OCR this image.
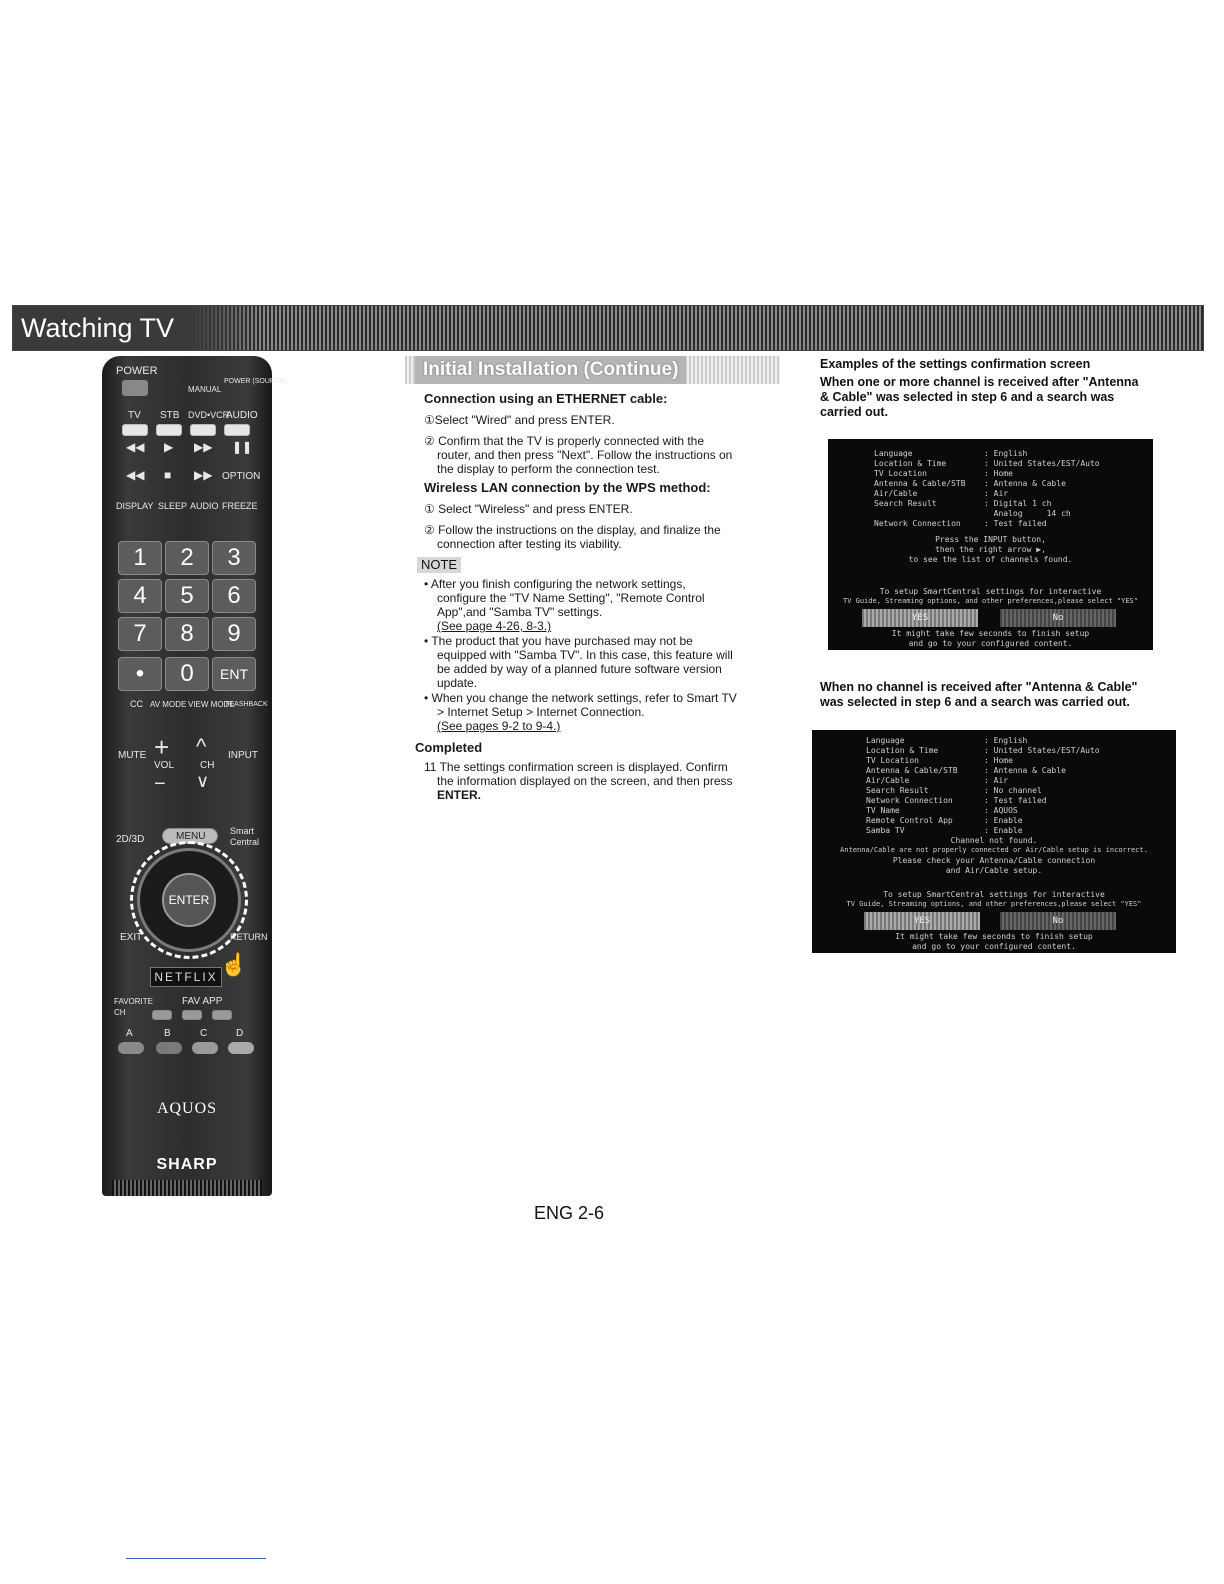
Watching TV
POWER
MANUAL
POWER (SOURCE)
TV STB DVD•VCR
AUDIO
◀◀ ▶ ▶▶ ❚❚
◀◀ ■ ▶▶ OPTION
DISPLAY SLEEP AUDIO FREEZE
1	2	3
4	5	6
7	8	9
•	0	ENT
CC AV MODE VIEW MODE
FLASHBACK
MUTE +
VOL
−
^
CH
∨
INPUT
2D/3D	MENU	Smart Central
ENTER
EXIT	RETURN
NETFLIX ☝
FAVORITE CH
FAV APP
A	B	C	D
AQUOS
SHARP
Initial Installation (Continue)
Connection using an ETHERNET cable:
①Select "Wired" and press ENTER.
② Confirm that the TV is properly connected with the
router, and then press "Next". Follow the instructions on
the display to perform the connection test.
Wireless LAN connection by the WPS method:
① Select "Wireless" and press ENTER.
② Follow the instructions on the display, and finalize the
connection after testing its viability.
NOTE
• After you finish configuring the network settings,
configure the "TV Name Setting", "Remote Control
App",and "Samba TV" settings.
(See page 4-26, 8-3.)
• The product that you have purchased may not be
equipped with "Samba TV". In this case, this feature will
be added by way of a planned future software version
update.
• When you change the network settings, refer to Smart TV
> Internet Setup > Internet Connection.
(See pages 9-2 to 9-4.)
Completed
11 The settings confirmation screen is displayed. Confirm
the information displayed on the screen, and then press
ENTER.
Examples of the settings confirmation screen
When one or more channel is received after "Antenna
& Cable" was selected in step 6 and a search was
carried out.
Language	: English
Location & Time	: United States/EST/Auto
TV Location	: Home
Antenna & Cable/STB : Antenna & Cable
Air/Cable	: Air
Search Result	: Digital 1 ch
Analog     14 ch
Network Connection	: Test failed
Press the INPUT button,
then the right arrow ▶,
to see the list of channels found.
To setup SmartCentral settings for interactive
TV Guide, Streaming options, and other preferences,please select "YES"
YES	No
It might take few seconds to finish setup
and go to your configured content.
When no channel is received after "Antenna & Cable"
was selected in step 6 and a search was carried out.
Language	: English
Location & Time	: United States/EST/Auto
TV Location	: Home
Antenna & Cable/STB	: Antenna & Cable
Air/Cable	: Air
Search Result	: No channel
Network Connection	: Test failed
TV Name	: AQUOS
Remote Control App	: Enable
Samba TV	: Enable
Channel not found.
Antenna/Cable are not properly connected or Air/Cable setup is incorrect.
Please check your Antenna/Cable connection
and Air/Cable setup.
To setup SmartCentral settings for interactive
TV Guide, Streaming options, and other preferences,please select "YES"
YES	No
It might take few seconds to finish setup
and go to your configured content.
ENG 2-6
